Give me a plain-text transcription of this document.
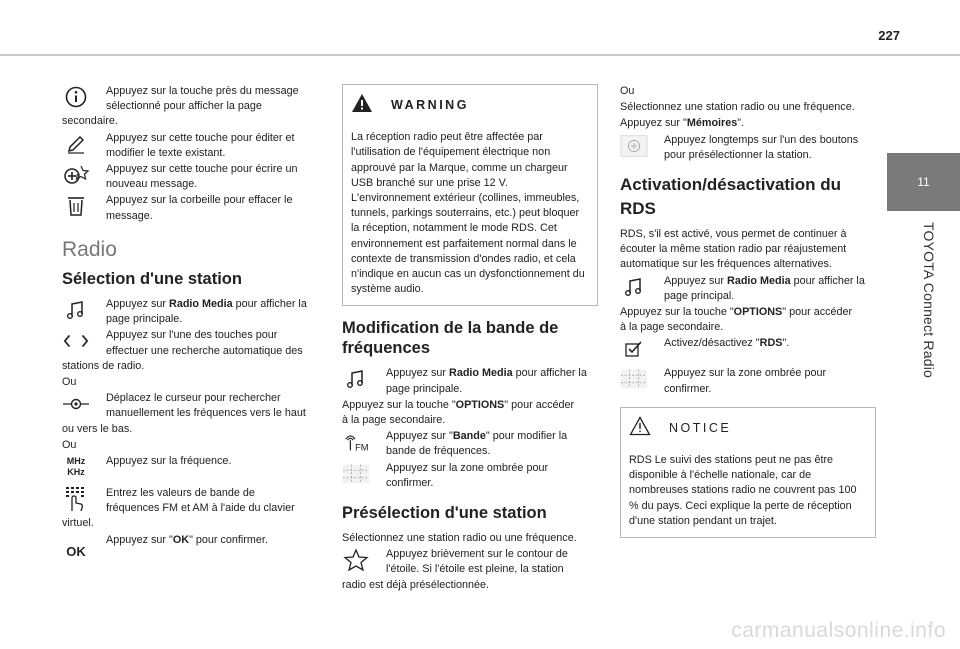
227
11
TOYOTA Connect Radio
Appuyez sur la touche près du message
sélectionné pour afficher la page
secondaire.
Appuyez sur cette touche pour éditer et
modifier le texte existant.
Appuyez sur cette touche pour écrire un
nouveau message.
Appuyez sur la corbeille pour effacer le
message.
Radio
Sélection d'une station
Appuyez sur Radio Media pour afficher la
page principale.
Appuyez sur l'une des touches pour
effectuer une recherche automatique des
stations de radio.
Ou
Déplacez le curseur pour rechercher
manuellement les fréquences vers le haut
ou vers le bas.
Ou
MHz
KHz
Appuyez sur la fréquence.
Entrez les valeurs de bande de
fréquences FM et AM à l'aide du clavier
virtuel.
OK
Appuyez sur "OK" pour confirmer.
WARNING
La réception radio peut être affectée par l'utilisation de l'équipement électrique non approuvé par la Marque, comme un chargeur USB branché sur une prise 12 V. L'environnement extérieur (collines, immeubles, tunnels, parkings souterrains, etc.) peut bloquer la réception, notamment le mode RDS. Cet environnement est parfaitement normal dans le contexte de transmission d'ondes radio, et cela n'indique en aucun cas un dysfonctionnement du système audio.
Modification de la bande de fréquences
Appuyez sur Radio Media pour afficher la
page principale.
Appuyez sur la touche "OPTIONS" pour accéder
à la page secondaire.
FM
Appuyez sur "Bande" pour modifier la
bande de fréquences.
Appuyez sur la zone ombrée pour
confirmer.
Présélection d'une station
Sélectionnez une station radio ou une fréquence.
Appuyez brièvement sur le contour de
l'étoile. Si l'étoile est pleine, la station
radio est déjà présélectionnée.
Ou
Sélectionnez une station radio ou une fréquence.
Appuyez sur "Mémoires".
Appuyez longtemps sur l'un des boutons
pour présélectionner la station.
Activation/désactivation du
RDS
RDS, s'il est activé, vous permet de continuer à écouter la même station radio par réajustement automatique sur les fréquences alternatives.
Appuyez sur Radio Media pour afficher la
page principal.
Appuyez sur la touche "OPTIONS" pour accéder
à la page secondaire.
Activez/désactivez "RDS".
Appuyez sur la zone ombrée pour
confirmer.
NOTICE
RDS Le suivi des stations peut ne pas être disponible à l'échelle nationale, car de nombreuses stations radio ne couvrent pas 100 % du pays. Ceci explique la perte de réception d'une station pendant un trajet.
carmanualsonline.info
